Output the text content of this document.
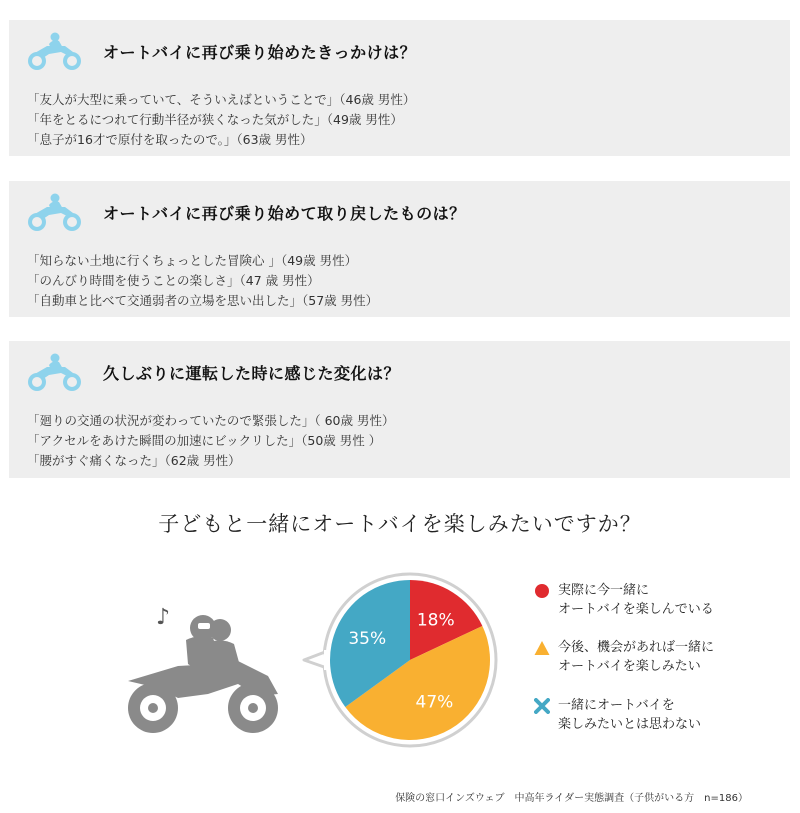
オートバイに再び乗り始めたきっかけは？
「友人が大型に乗っていて、そういえばということで」（46歳 男性）
「年をとるにつれて行動半径が狭くなった気がした」（49歳 男性）
「息子が16才で原付を取ったので。」（63歳 男性）
オートバイに再び乗り始めて取り戻したものは？
「知らない土地に行くちょっとした冒険心 」（49歳 男性）
「のんびり時間を使うことの楽しさ」（47 歳 男性）
「自動車と比べて交通弱者の立場を思い出した」（57歳 男性）
久しぶりに運転した時に感じた変化は？
「廻りの交通の状況が変わっていたので緊張した」（ 60歳 男性）
「アクセルをあけた瞬間の加速にビックリした」（50歳 男性 ）
「腰がすぐ痛くなった」（62歳 男性）
子どもと一緒にオートバイを楽しみたいですか？
♪	18%
47%
35%
実際に今一緒に
オートバイを楽しんでいる
今後、機会があれば一緒に
オートバイを楽しみたい
一緒にオートバイを
楽しみたいとは思わない
保険の窓口インズウェブ　中高年ライダー実態調査（子供がいる方　n=186）
